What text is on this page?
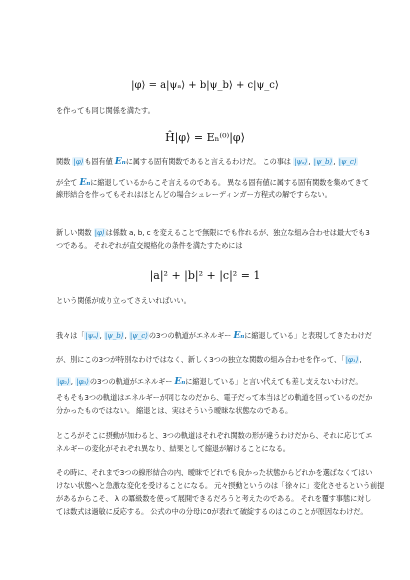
|φ⟩ = a|ψₐ⟩ + b|ψ_b⟩ + c|ψ_c⟩
を作っても同じ関係を満たす。
Ĥ|φ⟩ = Eₙ⁽⁰⁾|φ⟩
関数 |φ⟩も固有値 Eₙに属する固有関数であると言えるわけだ。 この事は |ψₐ⟩, |ψ_b⟩, |ψ_c⟩
が全て Eₙに縮退しているからこそ言えるのである。 異なる固有値に属する固有関数を集めてきて
線形結合を作ってもそれはほとんどの場合シュレーディンガー方程式の解ですらない。
新しい関数 |φ⟩は係数 a, b, c を変えることで無限にでも作れるが、独立な組み合わせは最大でも3
つである。 それぞれが直交規格化の条件を満たすためには
|a|² + |b|² + |c|² = 1
という関係が成り立ってさえいればいい。
我々は「|ψₐ⟩, |ψ_b⟩, |ψ_c⟩の3つの軌道がエネルギー Eₙに縮退している」と表現してきたわけだ
が、別にこの3つが特別なわけではなく、新しく3つの独立な関数の組み合わせを作って、「|φ₁⟩,
|φ₂⟩, |φ₃⟩の3つの軌道がエネルギー Eₙに縮退している」と言い代えても差し支えないわけだ。
そもそも3つの軌道はエネルギーが同じなのだから、電子だって本当はどの軌道を回っているのだか
分かったものではない。 縮退とは、実はそういう曖昧な状態なのである。
ところがそこに摂動が加わると、3つの軌道はそれぞれ関数の形が違うわけだから、それに応じてエ
ネルギーの変化がそれぞれ異なり、結果として縮退が解けることになる。
その時に、それまで3つの線形結合の内、曖昧でどれでも良かった状態からどれかを選ばなくてはい
けない状態へと急激な変化を受けることになる。 元々摂動というのは「徐々に」変化させるという前提
があるからこそ、 λ の冪級数を使って展開できるだろうと考えたのである。 それを覆す事態に対し
ては数式は過敏に反応する。 公式の中の分母に0が表れて破綻するのはこのことが原因なわけだ。
